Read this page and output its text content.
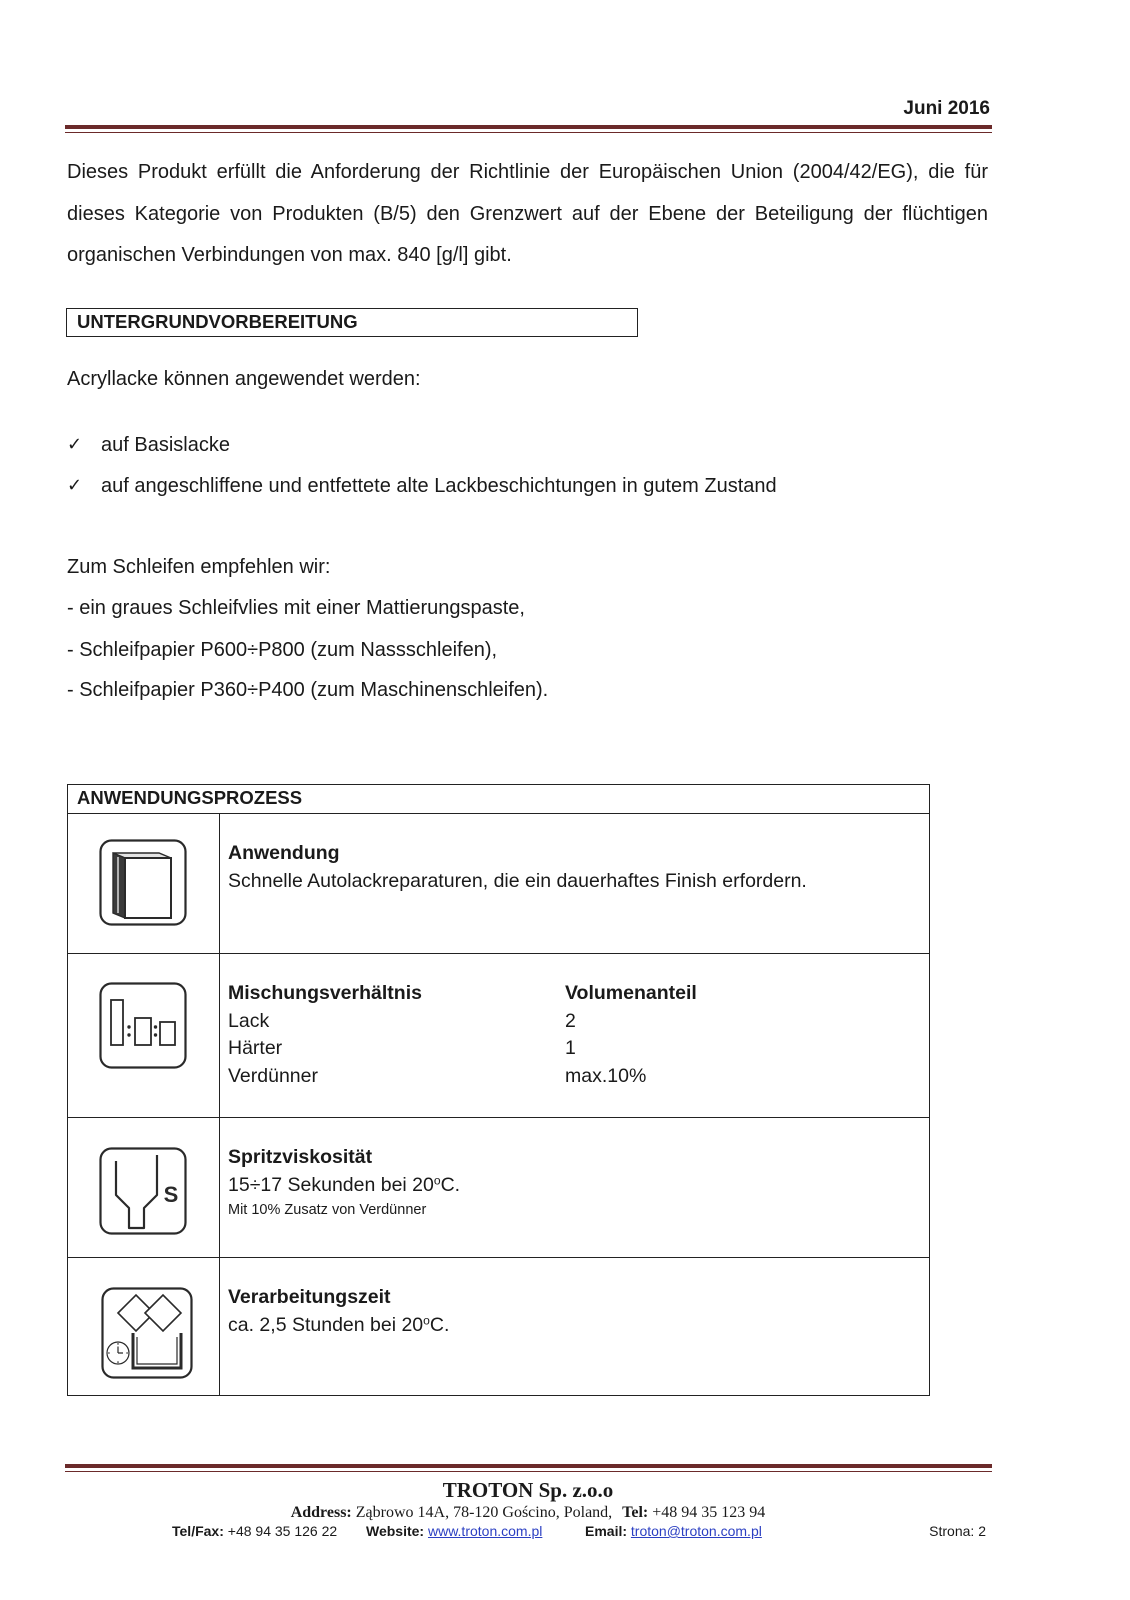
Juni 2016
Dieses Produkt erfüllt die Anforderung der Richtlinie der Europäischen Union (2004/42/EG), die für
dieses Kategorie von Produkten (B/5) den Grenzwert auf der Ebene der Beteiligung der flüchtigen
organischen Verbindungen von max. 840 [g/l] gibt.
UNTERGRUNDVORBEREITUNG
Acryllacke können angewendet werden:
✓ auf Basislacke
✓ auf angeschliffene und entfettete alte Lackbeschichtungen in gutem Zustand
Zum Schleifen empfehlen wir:
- ein graues Schleifvlies mit einer Mattierungspaste,
- Schleifpapier P600÷P800 (zum Nassschleifen),
- Schleifpapier P360÷P400 (zum Maschinenschleifen).
ANWENDUNGSPROZESS
Anwendung
Schnelle Autolackreparaturen, die ein dauerhaftes Finish erfordern.
Mischungsverhältnis	Volumenanteil
Lack	2
Härter	1
Verdünner	max.10%
S
Spritzviskosität
15÷17 Sekunden bei 20$^o$C.
Mit 10% Zusatz von Verdünner
Verarbeitungszeit
ca. 2,5 Stunden bei 20$^o$C.
TROTON Sp. z.o.o
Address: Ząbrowo 14A, 78-120 Gościno, Poland, Tel: +48 94 35 123 94
Tel/Fax: +48 94 35 126 22 Website: www.troton.com.pl	Email: troton@troton.com.pl	Strona: 2
